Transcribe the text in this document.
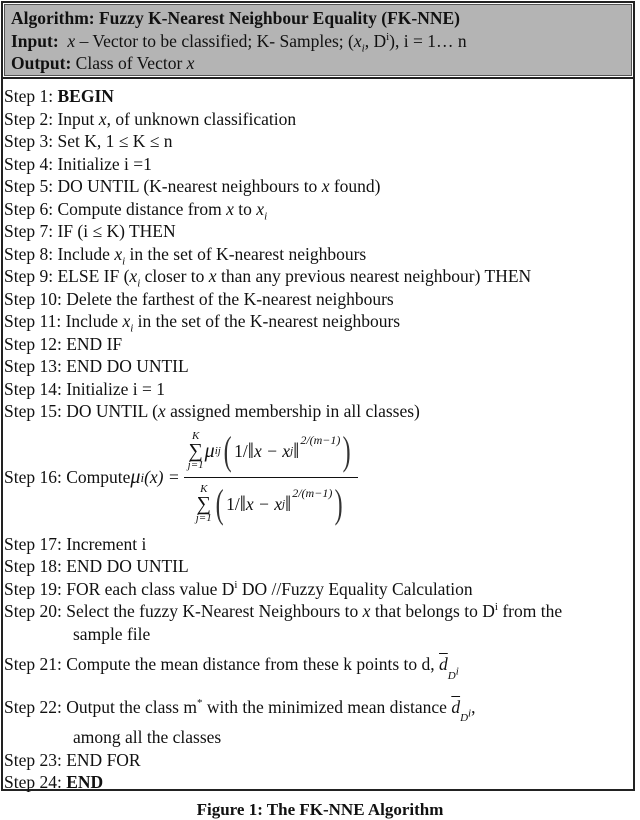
Algorithm: Fuzzy K-Nearest Neighbour Equality (FK-NNE)
Input: x – Vector to be classified; K- Samples; ($x_i$, $D^i$), i = 1… n
Output: Class of Vector x
Step 1: BEGIN
Step 2: Input x, of unknown classification
Step 3: Set K, 1 ≤ K ≤ n
Step 4: Initialize i =1
Step 5: DO UNTIL (K-nearest neighbours to x found)
Step 6: Compute distance from x to $x_i$
Step 7: IF (i ≤ K) THEN
Step 8: Include $x_i$ in the set of K-nearest neighbours
Step 9: ELSE IF ($x_i$ closer to x than any previous nearest neighbour) THEN
Step 10: Delete the farthest of the K-nearest neighbours
Step 11: Include $x_i$ in the set of the K-nearest neighbours
Step 12: END IF
Step 13: END DO UNTIL
Step 14: Initialize i = 1
Step 15: DO UNTIL (x assigned membership in all classes)
Step 16: Compute μ i (x) = K
∑
j=1
μ ij ( 1/ ‖ x − x j ‖ 2/(m−1) )
K
∑
j=1 ( 1/ ‖ x − x j ‖ 2/(m−1) )
Step 17: Increment i
Step 18: END DO UNTIL
Step 19: FOR each class value $D^i$ DO //Fuzzy Equality Calculation
Step 20: Select the fuzzy K-Nearest Neighbours to x that belongs to $D^i$ from the
sample file
Step 21: Compute the mean distance from these k points to d, $\overline{d}_{D^i}$
Step 22: Output the class m* with the minimized mean distance $\overline{d}_{D^i}$,
among all the classes
Step 23: END FOR
Step 24: END
Figure 1: The FK-NNE Algorithm
